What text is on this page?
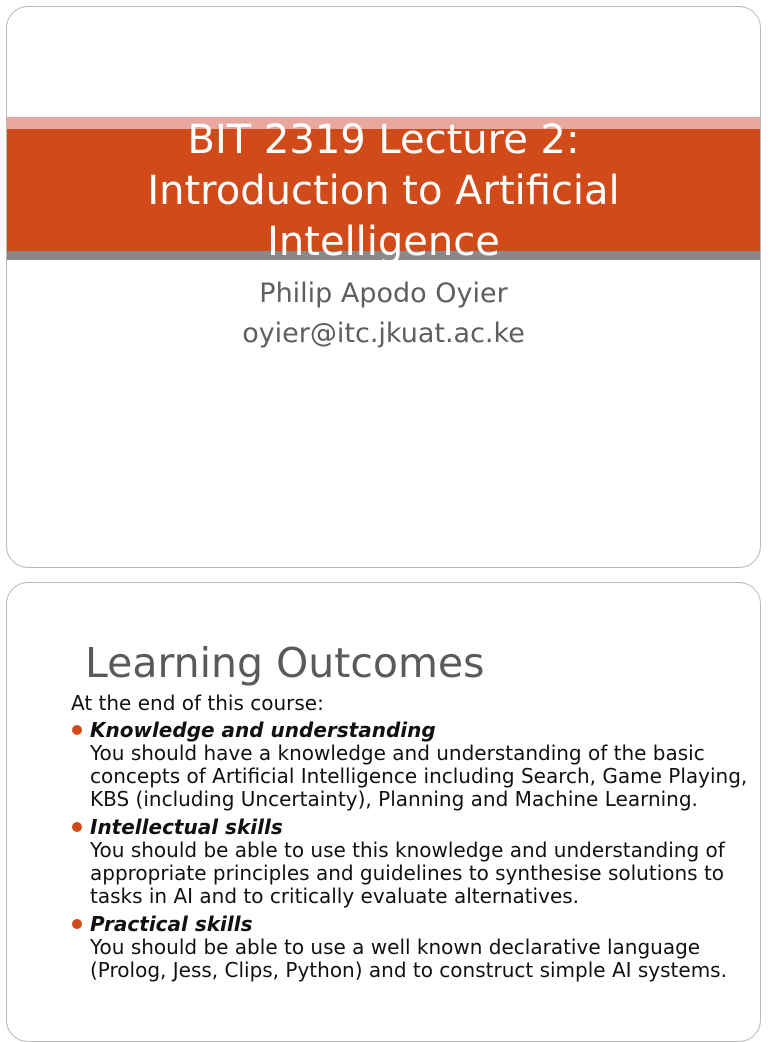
BIT 2319 Lecture 2:
Introduction to Artificial
Intelligence

Philip Apodo Oyier

oyier@itc.jkuat.ac.ke

Learning Outcomes

At the end of this course:

Knowledge and understanding
You should have a knowledge and understanding of the basic concepts of Artificial Intelligence including Search, Game Playing, KBS (including Uncertainty), Planning and Machine Learning.
Intellectual skills
You should be able to use this knowledge and understanding of appropriate principles and guidelines to synthesise solutions to tasks in AI and to critically evaluate alternatives.
Practical skills
You should be able to use a well known declarative language (Prolog, Jess, Clips, Python) and to construct simple AI systems.
